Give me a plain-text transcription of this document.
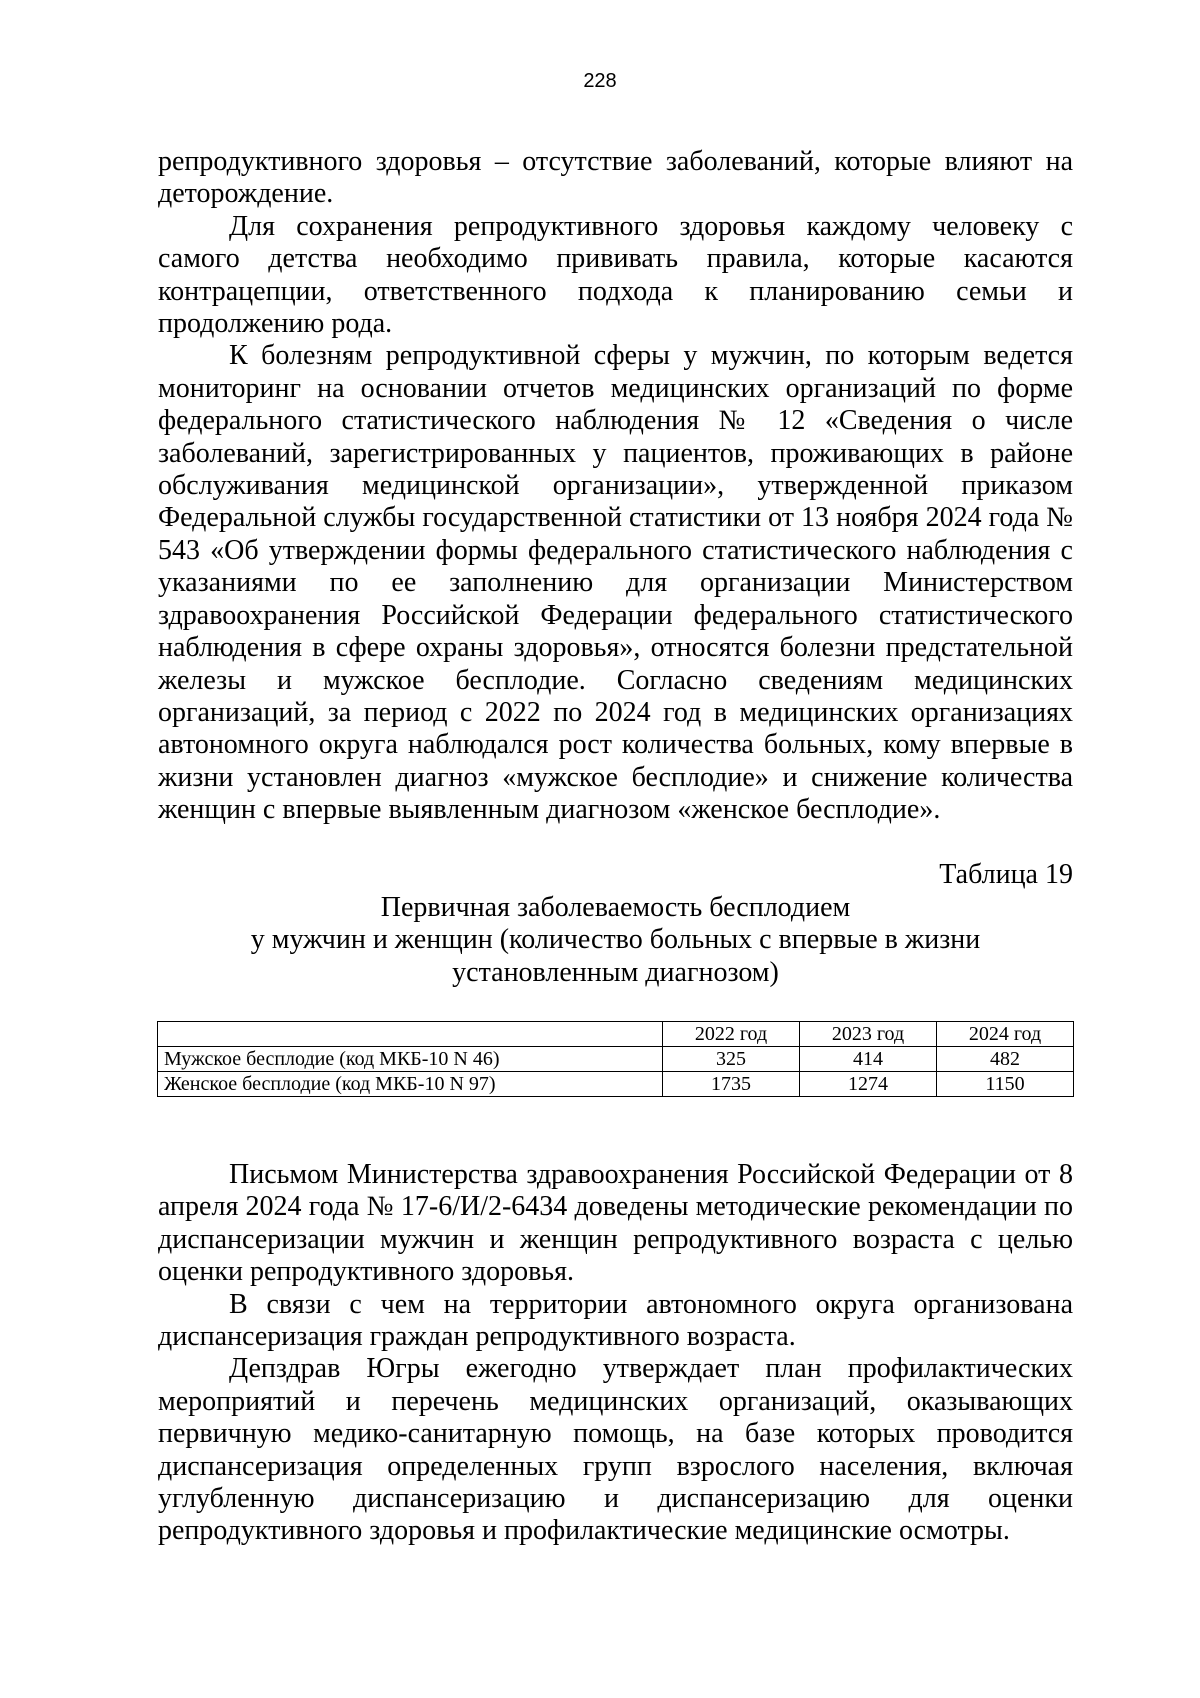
228

репродуктивного здоровья – отсутствие заболеваний, которые влияют на деторождение.

Для сохранения репродуктивного здоровья каждому человеку с самого детства необходимо прививать правила, которые касаются контрацепции, ответственного подхода к планированию семьи и продолжению рода.

К болезням репродуктивной сферы у мужчин, по которым ведется мониторинг на основании отчетов медицинских организаций по форме федерального статистического наблюдения № 12 «Сведения о числе заболеваний, зарегистрированных у пациентов, проживающих в районе обслуживания медицинской организации», утвержденной приказом Федеральной службы государственной статистики от 13 ноября 2024 года № 543 «Об утверждении формы федерального статистического наблюдения с указаниями по ее заполнению для организации Министерством здравоохранения Российской Федерации федерального статистического наблюдения в сфере охраны здоровья», относятся болезни предстательной железы и мужское бесплодие. Согласно сведениям медицинских организаций, за период с 2022 по 2024 год в медицинских организациях автономного округа наблюдался рост количества больных, кому впервые в жизни установлен диагноз «мужское бесплодие» и снижение количества женщин с впервые выявленным диагнозом «женское бесплодие».

Таблица 19
Первичная заболеваемость бесплодием
у мужчин и женщин (количество больных с впервые в жизни
установленным диагнозом)
	2022 год	2023 год	2024 год
Мужское бесплодие (код МКБ-10 N 46)	325	414	482
Женское бесплодие (код МКБ-10 N 97)	1735	1274	1150

Письмом Министерства здравоохранения Российской Федерации от 8 апреля 2024 года № 17-6/И/2-6434 доведены методические рекомендации по диспансеризации мужчин и женщин репродуктивного возраста с целью оценки репродуктивного здоровья.

В связи с чем на территории автономного округа организована диспансеризация граждан репродуктивного возраста.

Депздрав Югры ежегодно утверждает план профилактических мероприятий и перечень медицинских организаций, оказывающих первичную медико-санитарную помощь, на базе которых проводится диспансеризация определенных групп взрослого населения, включая углубленную диспансеризацию и диспансеризацию для оценки репродуктивного здоровья и профилактические медицинские осмотры.
